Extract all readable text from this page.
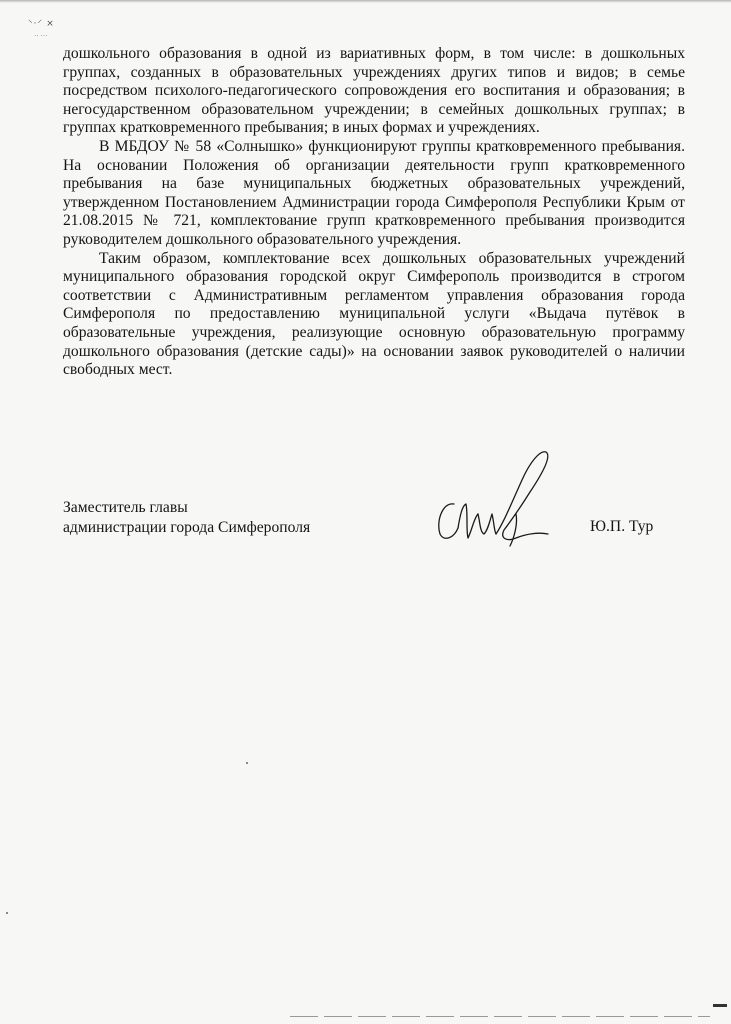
⸌·⸍ ⨯
·· ···

дошкольного образования в одной из вариативных форм, в том числе: в дошкольных группах, созданных в образовательных учреждениях других типов и видов; в семье посредством психолого-педагогического сопровождения его воспитания и образования; в негосударственном образовательном учреждении; в семейных дошкольных группах; в группах кратковременного пребывания; в иных формах и учреждениях.

В МБДОУ № 58 «Солнышко» функционируют группы кратковременного пребывания. На основании Положения об организации деятельности групп кратковременного пребывания на базе муниципальных бюджетных образовательных учреждений, утвержденном Постановлением Администрации города Симферополя Республики Крым от 21.08.2015 № 721, комплектование групп кратковременного пребывания производится руководителем дошкольного образовательного учреждения.

Таким образом, комплектование всех дошкольных образовательных учреждений муниципального образования городской округ Симферополь производится в строгом соответствии с Административным регламентом управления образования города Симферополя по предоставлению муниципальной услуги «Выдача путёвок в образовательные учреждения, реализующие основную образовательную программу дошкольного образования (детские сады)» на основании заявок руководителей о наличии свободных мест.

Заместитель главы
администрации города Симферополя	Ю.П. Тур
